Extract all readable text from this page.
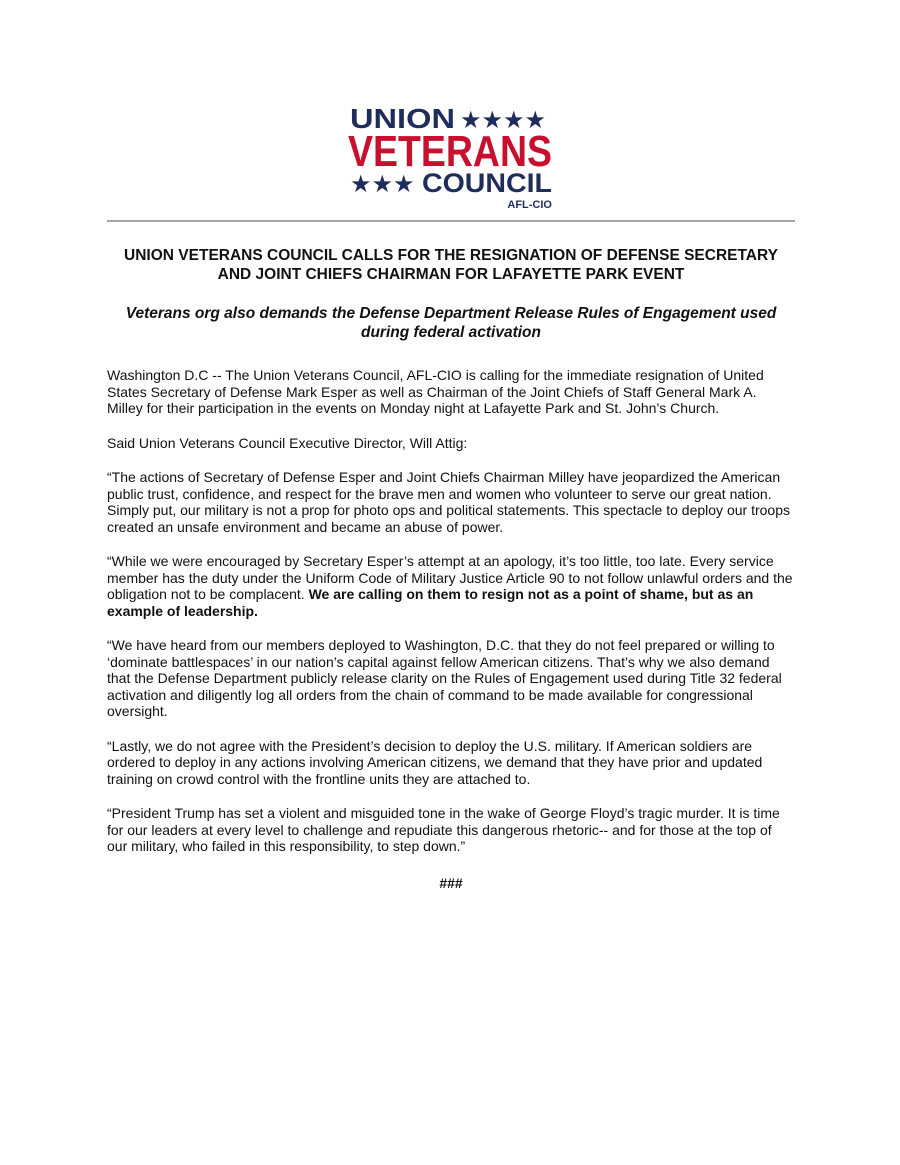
UNION ★★★★
VETERANS
★★★ COUNCIL
AFL-CIO
UNION VETERANS COUNCIL CALLS FOR THE RESIGNATION OF DEFENSE SECRETARY AND JOINT CHIEFS CHAIRMAN FOR LAFAYETTE PARK EVENT
Veterans org also demands the Defense Department Release Rules of Engagement used during federal activation

Washington D.C -- The Union Veterans Council, AFL-CIO is calling for the immediate resignation of United States Secretary of Defense Mark Esper as well as Chairman of the Joint Chiefs of Staff General Mark A. Milley for their participation in the events on Monday night at Lafayette Park and St. John’s Church.

Said Union Veterans Council Executive Director, Will Attig:

“The actions of Secretary of Defense Esper and Joint Chiefs Chairman Milley have jeopardized the American public trust, confidence, and respect for the brave men and women who volunteer to serve our great nation. Simply put, our military is not a prop for photo ops and political statements. This spectacle to deploy our troops created an unsafe environment and became an abuse of power.

“While we were encouraged by Secretary Esper’s attempt at an apology, it’s too little, too late. Every service member has the duty under the Uniform Code of Military Justice Article 90 to not follow unlawful orders and the obligation not to be complacent. We are calling on them to resign not as a point of shame, but as an example of leadership.

“We have heard from our members deployed to Washington, D.C. that they do not feel prepared or willing to ‘dominate battlespaces’ in our nation’s capital against fellow American citizens. That’s why we also demand that the Defense Department publicly release clarity on the Rules of Engagement used during Title 32 federal activation and diligently log all orders from the chain of command to be made available for congressional oversight.

“Lastly, we do not agree with the President’s decision to deploy the U.S. military. If American soldiers are ordered to deploy in any actions involving American citizens, we demand that they have prior and updated training on crowd control with the frontline units they are attached to.

“President Trump has set a violent and misguided tone in the wake of George Floyd’s tragic murder. It is time for our leaders at every level to challenge and repudiate this dangerous rhetoric-- and for those at the top of our military, who failed in this responsibility, to step down.”

###
